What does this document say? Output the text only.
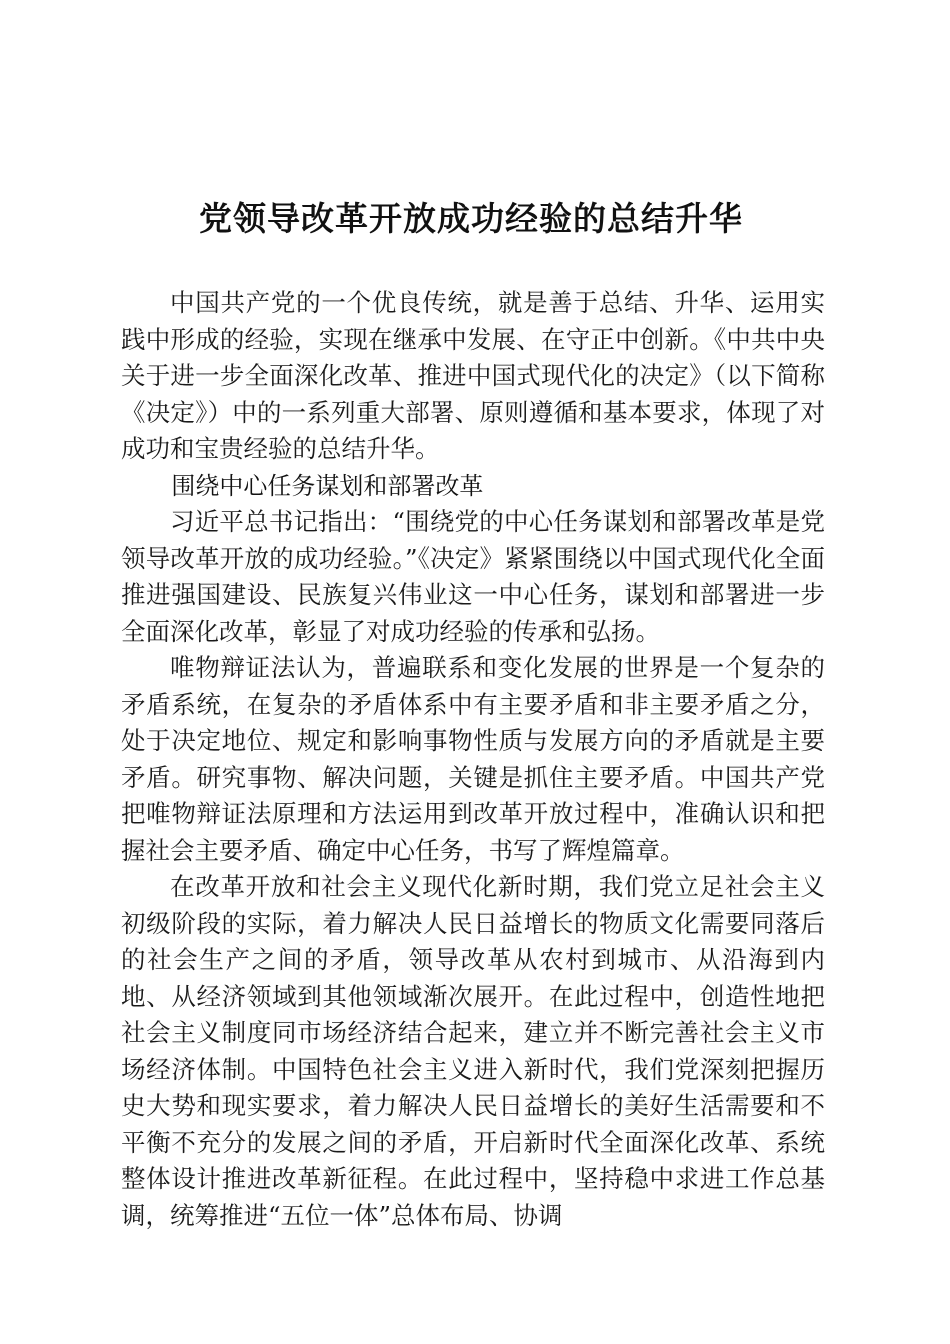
党领导改革开放成功经验的总结升华

中国共产党的一个优良传统，就是善于总结、升华、运用实践中形成的经验，实现在继承中发展、在守正中创新。《中共中央关于进一步全面深化改革、推进中国式现代化的决定》（以下简称《决定》）中的一系列重大部署、原则遵循和基本要求，体现了对成功和宝贵经验的总结升华。

围绕中心任务谋划和部署改革

习近平总书记指出：“围绕党的中心任务谋划和部署改革是党领导改革开放的成功经验。”《决定》紧紧围绕以中国式现代化全面推进强国建设、民族复兴伟业这一中心任务，谋划和部署进一步全面深化改革，彰显了对成功经验的传承和弘扬。

唯物辩证法认为，普遍联系和变化发展的世界是一个复杂的矛盾系统，在复杂的矛盾体系中有主要矛盾和非主要矛盾之分，处于决定地位、规定和影响事物性质与发展方向的矛盾就是主要矛盾。研究事物、解决问题，关键是抓住主要矛盾。中国共产党把唯物辩证法原理和方法运用到改革开放过程中，准确认识和把握社会主要矛盾、确定中心任务，书写了辉煌篇章。

在改革开放和社会主义现代化新时期，我们党立足社会主义初级阶段的实际，着力解决人民日益增长的物质文化需要同落后的社会生产之间的矛盾，领导改革从农村到城市、从沿海到内地、从经济领域到其他领域渐次展开。在此过程中，创造性地把社会主义制度同市场经济结合起来，建立并不断完善社会主义市场经济体制。中国特色社会主义进入新时代，我们党深刻把握历史大势和现实要求，着力解决人民日益增长的美好生活需要和不平衡不充分的发展之间的矛盾，开启新时代全面深化改革、系统整体设计推进改革新征程。在此过程中，坚持稳中求进工作总基调，统筹推进“五位一体”总体布局、协调
